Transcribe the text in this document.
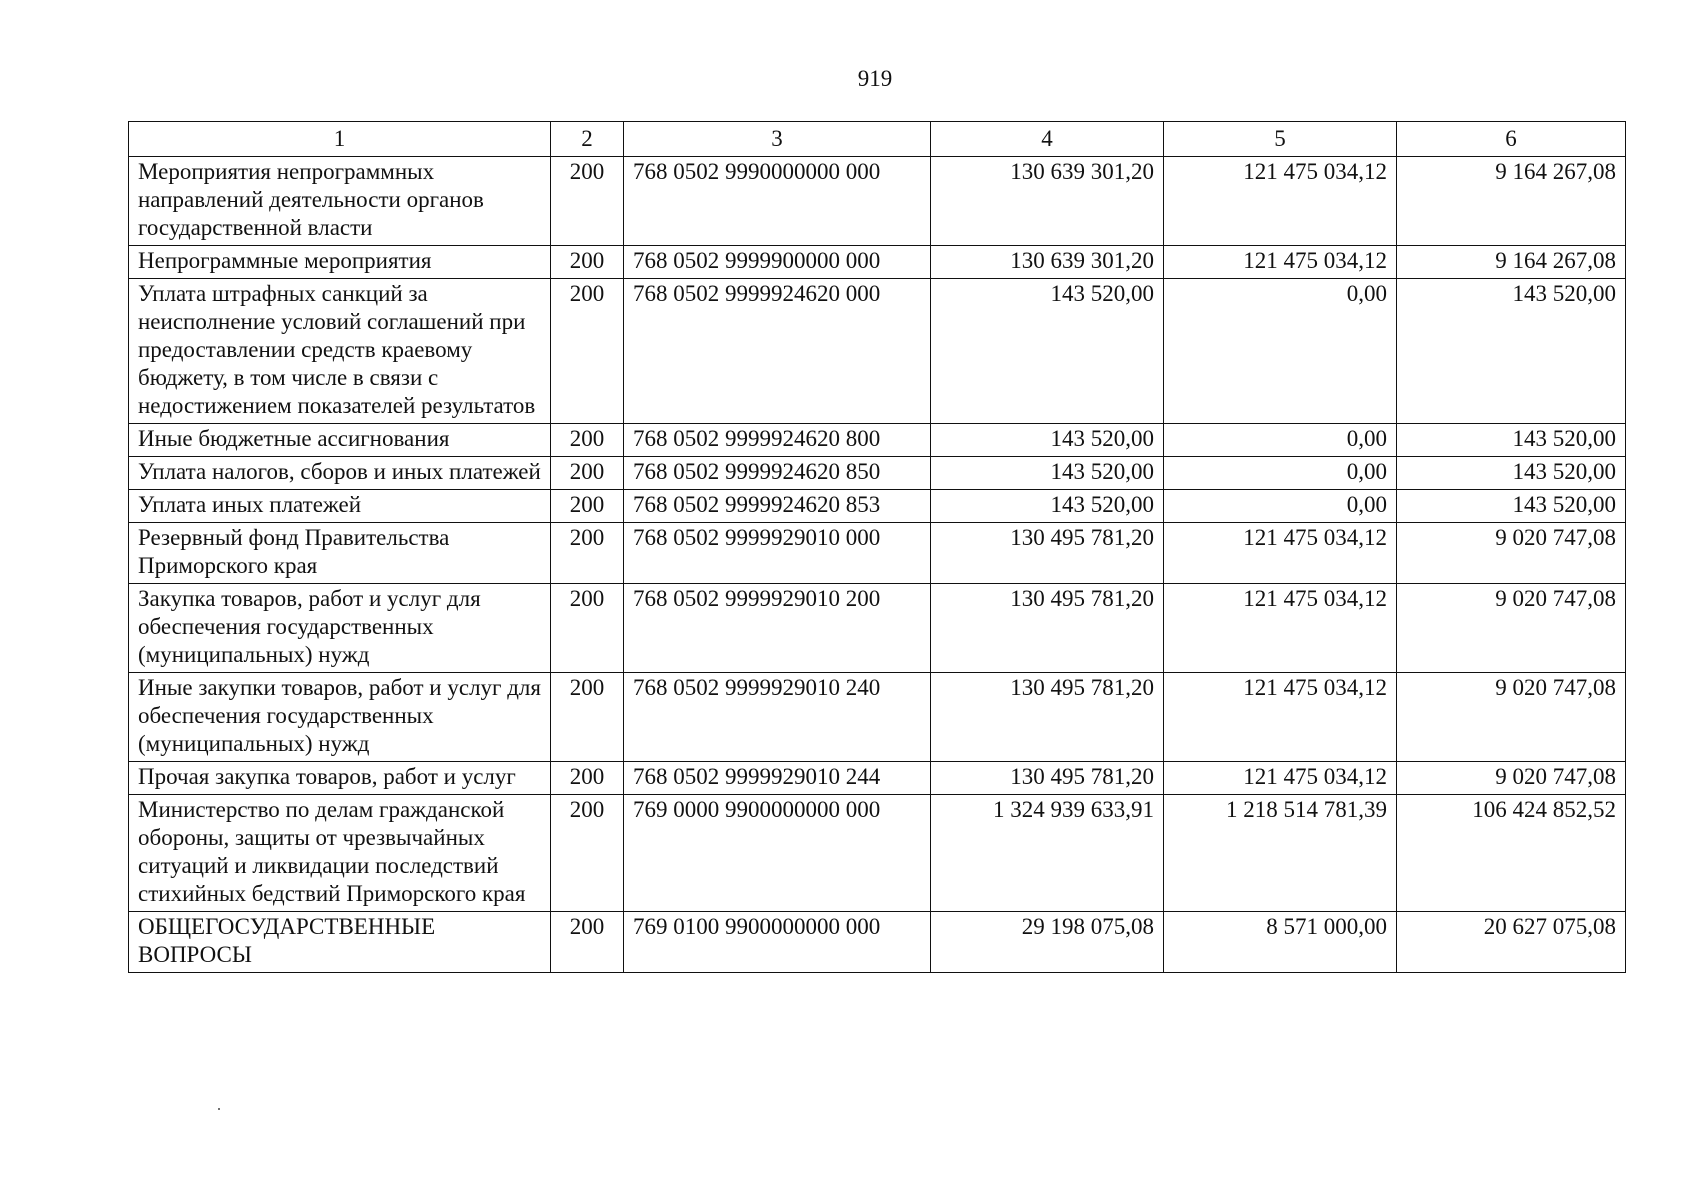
919
1	2	3	4	5	6
Мероприятия непрограммных направлений деятельности органов государственной власти	200	768 0502 9990000000 000	130 639 301,20	121 475 034,12	9 164 267,08
Непрограммные мероприятия	200	768 0502 9999900000 000	130 639 301,20	121 475 034,12	9 164 267,08
Уплата штрафных санкций за неисполнение условий соглашений при предоставлении средств краевому бюджету, в том числе в связи с недостижением показателей результатов	200	768 0502 9999924620 000	143 520,00	0,00	143 520,00
Иные бюджетные ассигнования	200	768 0502 9999924620 800	143 520,00	0,00	143 520,00
Уплата налогов, сборов и иных платежей	200	768 0502 9999924620 850	143 520,00	0,00	143 520,00
Уплата иных платежей	200	768 0502 9999924620 853	143 520,00	0,00	143 520,00
Резервный фонд Правительства Приморского края	200	768 0502 9999929010 000	130 495 781,20	121 475 034,12	9 020 747,08
Закупка товаров, работ и услуг для обеспечения государственных (муниципальных) нужд	200	768 0502 9999929010 200	130 495 781,20	121 475 034,12	9 020 747,08
Иные закупки товаров, работ и услуг для обеспечения государственных (муниципальных) нужд	200	768 0502 9999929010 240	130 495 781,20	121 475 034,12	9 020 747,08
Прочая закупка товаров, работ и услуг	200	768 0502 9999929010 244	130 495 781,20	121 475 034,12	9 020 747,08
Министерство по делам гражданской обороны, защиты от чрезвычайных ситуаций и ликвидации последствий стихийных бедствий Приморского края	200	769 0000 9900000000 000	1 324 939 633,91	1 218 514 781,39	106 424 852,52
ОБЩЕГОСУДАРСТВЕННЫЕ ВОПРОСЫ	200	769 0100 9900000000 000	29 198 075,08	8 571 000,00	20 627 075,08
